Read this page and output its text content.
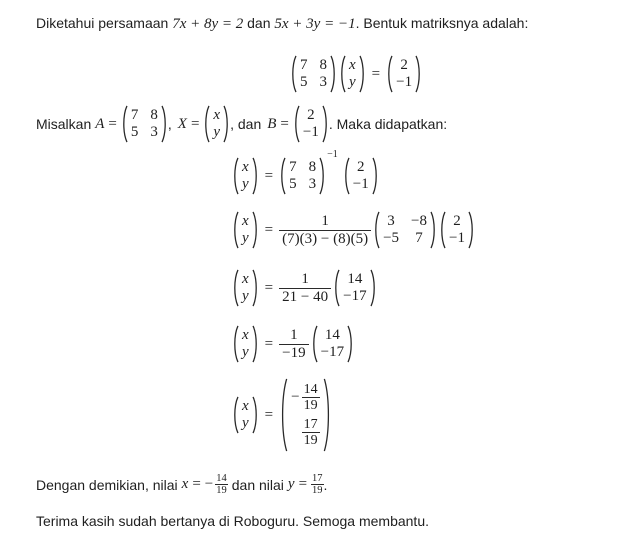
Diketahui persamaan 7x + 8y = 2 dan 5x + 3y = −1. Bentuk matriksnya adalah:

7 8
5 3
x
y
=
2
−1
Misalkan A =
7 8
5 3 , X =
x
y , dan B =
2
−1 . Maka didapatkan:
x
y
=
7 8
5 3
−1
2
−1
x
y
= $\frac{1}{(7)(3) - (8)(5)} 3 -8$
−5 7
2
−1
x
y
= $\frac{1}{21 - 40} 14$
−17
x
y
= $\frac{1}{-19} 14$
−17
x
y
=
− $\frac{14}{19}$
$\frac{17}{19}$
Dengan demikian, nilai x = − $\frac{14}{19}$ dan nilai $y = \frac{17}{19}$ .

Terima kasih sudah bertanya di Roboguru. Semoga membantu.
